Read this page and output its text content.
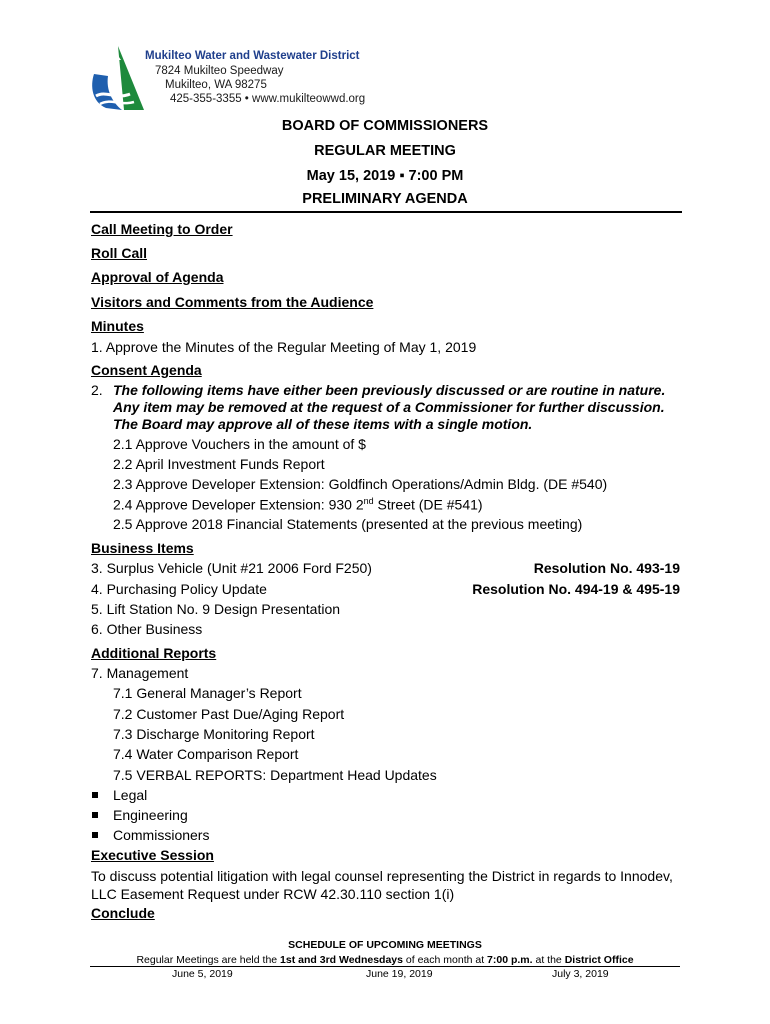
Mukilteo Water and Wastewater District
7824 Mukilteo Speedway
Mukilteo, WA 98275
425-355-3355 • www.mukilteowwd.org
BOARD OF COMMISSIONERS
REGULAR MEETING
May 15, 2019 ▪ 7:00 PM
PRELIMINARY AGENDA
Call Meeting to Order
Roll Call
Approval of Agenda
Visitors and Comments from the Audience
Minutes
1. Approve the Minutes of the Regular Meeting of May 1, 2019
Consent Agenda
2. The following items have either been previously discussed or are routine in nature.
Any item may be removed at the request of a Commissioner for further discussion.
The Board may approve all of these items with a single motion.
2.1 Approve Vouchers in the amount of $
2.2 April Investment Funds Report
2.3 Approve Developer Extension: Goldfinch Operations/Admin Bldg. (DE #540)
2.4 Approve Developer Extension: 930 2nd Street (DE #541)
2.5 Approve 2018 Financial Statements (presented at the previous meeting)
Business Items
3. Surplus Vehicle (Unit #21 2006 Ford F250)	Resolution No. 493-19
4. Purchasing Policy Update	Resolution No. 494-19 & 495-19
5. Lift Station No. 9 Design Presentation
6. Other Business
Additional Reports
7. Management
7.1 General Manager’s Report
7.2 Customer Past Due/Aging Report
7.3 Discharge Monitoring Report
7.4 Water Comparison Report
7.5 VERBAL REPORTS: Department Head Updates
Legal
Engineering
Commissioners
Executive Session
To discuss potential litigation with legal counsel representing the District in regards to Innodev,
LLC Easement Request under RCW 42.30.110 section 1(i)
Conclude
SCHEDULE OF UPCOMING MEETINGS
Regular Meetings are held the 1st and 3rd Wednesdays of each month at 7:00 p.m. at the District Office
June 5, 2019	June 19, 2019	July 3, 2019
